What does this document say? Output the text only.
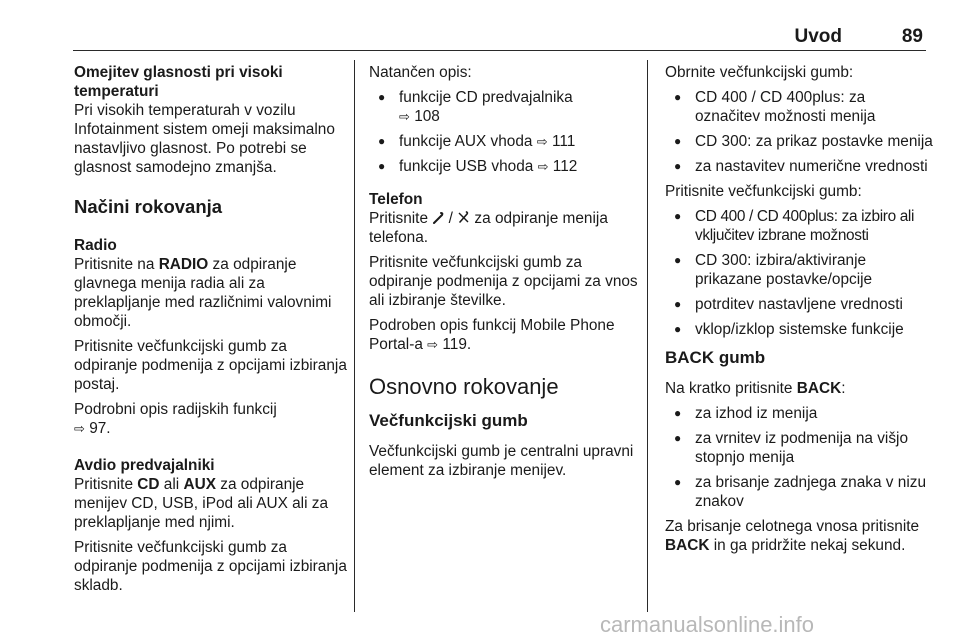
Uvod	89
Omejitev glasnosti pri visoki
temperaturi

Pri visokih temperaturah v vozilu Infotainment sistem omeji maksimalno nastavljivo glasnost. Po potrebi se glasnost samodejno zmanjša.

Načini rokovanja
Radio

Pritisnite na RADIO za odpiranje glavnega menija radia ali za preklapljanje med različnimi valovnimi območji.

Pritisnite večfunkcijski gumb za odpiranje podmenija z opcijami izbiranja postaj.

Podrobni opis radijskih funkcij
⇨ 97.

Avdio predvajalniki

Pritisnite CD ali AUX za odpiranje menijev CD, USB, iPod ali AUX ali za preklapljanje med njimi.

Pritisnite večfunkcijski gumb za odpiranje podmenija z opcijami izbiranja skladb.

Natančen opis:

● funkcije CD predvajalnika
⇨ 108
● funkcije AUX vhoda ⇨ 111
● funkcije USB vhoda ⇨ 112
Telefon

Pritisnite / za odpiranje menija telefona.

Pritisnite večfunkcijski gumb za odpiranje podmenija z opcijami za vnos ali izbiranje številke.

Podroben opis funkcij Mobile Phone Portal-a ⇨ 119.

Osnovno rokovanje
Večfunkcijski gumb

Večfunkcijski gumb je centralni upravni element za izbiranje menijev.

Obrnite večfunkcijski gumb:

● CD 400 / CD 400plus: za označitev možnosti menija
● CD 300: za prikaz postavke menija
● za nastavitev numerične vrednosti

Pritisnite večfunkcijski gumb:

● CD 400 / CD 400plus: za izbiro ali vključitev izbrane možnosti
● CD 300: izbira/aktiviranje prikazane postavke/opcije
● potrditev nastavljene vrednosti
● vklop/izklop sistemske funkcije
BACK gumb

Na kratko pritisnite BACK:

● za izhod iz menija
● za vrnitev iz podmenija na višjo stopnjo menija
● za brisanje zadnjega znaka v nizu znakov

Za brisanje celotnega vnosa pritisnite BACK in ga pridržite nekaj sekund.

carmanualsonline.info
